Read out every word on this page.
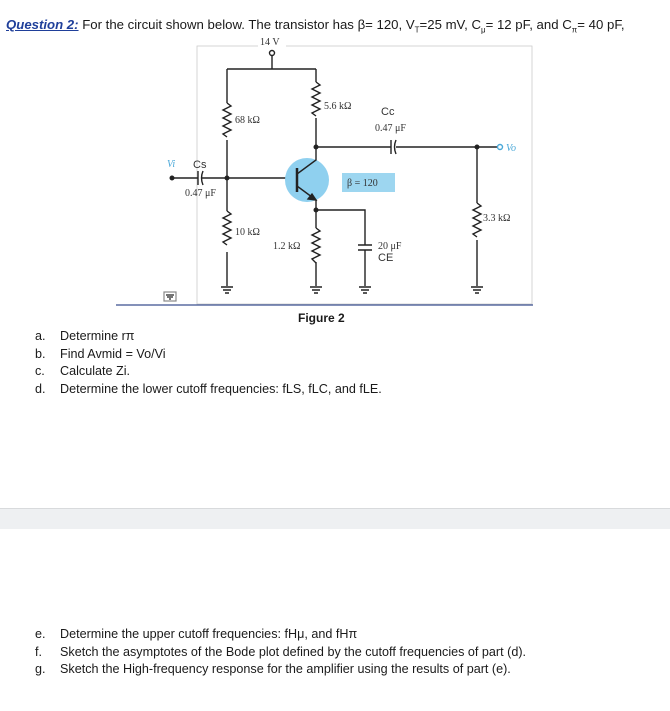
Question 2: For the circuit shown below. The transistor has β= 120, $V_T=25$ mV, $C_\mu= 12$ pF, and $C_\pi= 40$ pF,
14 V
68 kΩ
10 kΩ
Vi Cs
0.47 μF
β = 120
5.6 kΩ	Cc
0.47 μF
Vo
3.3 kΩ
1.2 kΩ	20 μF
CE
Figure 2
a.	Determine rπ
b.	Find Avmid = Vo/Vi
c.	Calculate Zi.
d.	Determine the lower cutoff frequencies: fLS, fLC, and fLE.
e.	Determine the upper cutoff frequencies: fHμ, and fHπ
f.	Sketch the asymptotes of the Bode plot defined by the cutoff frequencies of part (d).
g.	Sketch the High-frequency response for the amplifier using the results of part (e).
